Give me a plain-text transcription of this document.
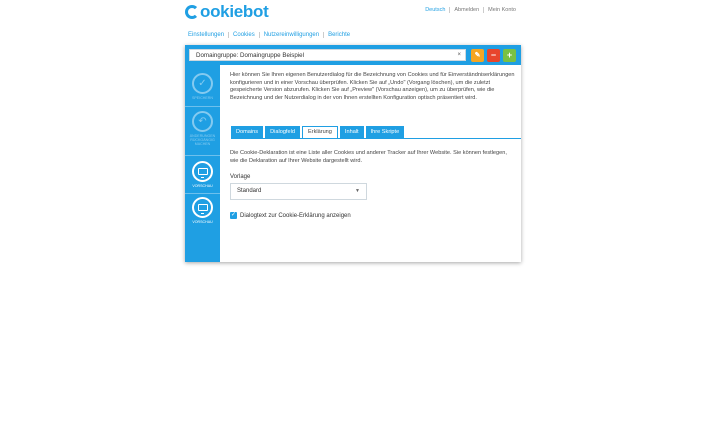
ookiebot	Deutsch	Abmelden	Mein Konto
Einstellungen	Cookies	Nutzereinwilligungen	Berichte
Domaingruppe: Domaingruppe Beispiel	×	✎	−	+
✓
SPEICHERN
↶
ÄNDERUNGEN RÜCKGÄNGIG MACHEN
VORSCHAU
VORSCHAU
Hier können Sie Ihren eigenen Benutzerdialog für die Bezeichnung von Cookies und für Einverständniserklärungen konfigurieren und in einer Vorschau überprüfen. Klicken Sie auf „Undo" (Vorgang löschen), um die zuletzt gespeicherte Version abzurufen. Klicken Sie auf „Preview" (Vorschau anzeigen), um zu überprüfen, wie die Bezeichnung und der Nutzerdialog in der von Ihnen erstellten Konfiguration optisch präsentiert wird.
Domains	Dialogfeld	Erklärung	Inhalt	Ihre Skripte
Die Cookie-Deklaration ist eine Liste aller Cookies und anderer Tracker auf Ihrer Website. Sie können festlegen, wie die Deklaration auf Ihrer Website dargestellt wird.
Vorlage
Standard	▼
✓ Dialogtext zur Cookie-Erklärung anzeigen
